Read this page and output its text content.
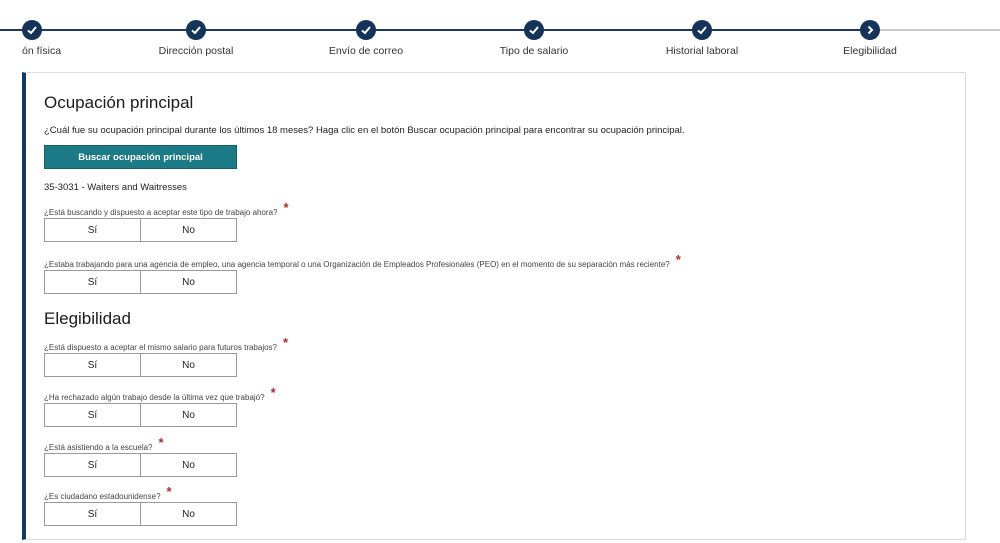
ón física	Dirección postal	Envío de correo	Tipo de salario	Historial laboral	Elegibilidad
Ocupación principal
¿Cuál fue su ocupación principal durante los últimos 18 meses? Haga clic en el botón Buscar ocupación principal para encontrar su ocupación principal.
Buscar ocupación principal
35-3031 - Waiters and Waitresses
¿Está buscando y dispuesto a aceptar este tipo de trabajo ahora? *
Sí	No
¿Estaba trabajando para una agencia de empleo, una agencia temporal o una Organización de Empleados Profesionales (PEO) en el momento de su separación más reciente? *
Sí	No
Elegibilidad
¿Está dispuesto a aceptar el mismo salario para futuros trabajos? *
Sí	No
¿Ha rechazado algún trabajo desde la última vez que trabajó? *
Sí	No
¿Está asistiendo a la escuela? *
Sí	No
¿Es ciudadano estadounidense? *
Sí	No
